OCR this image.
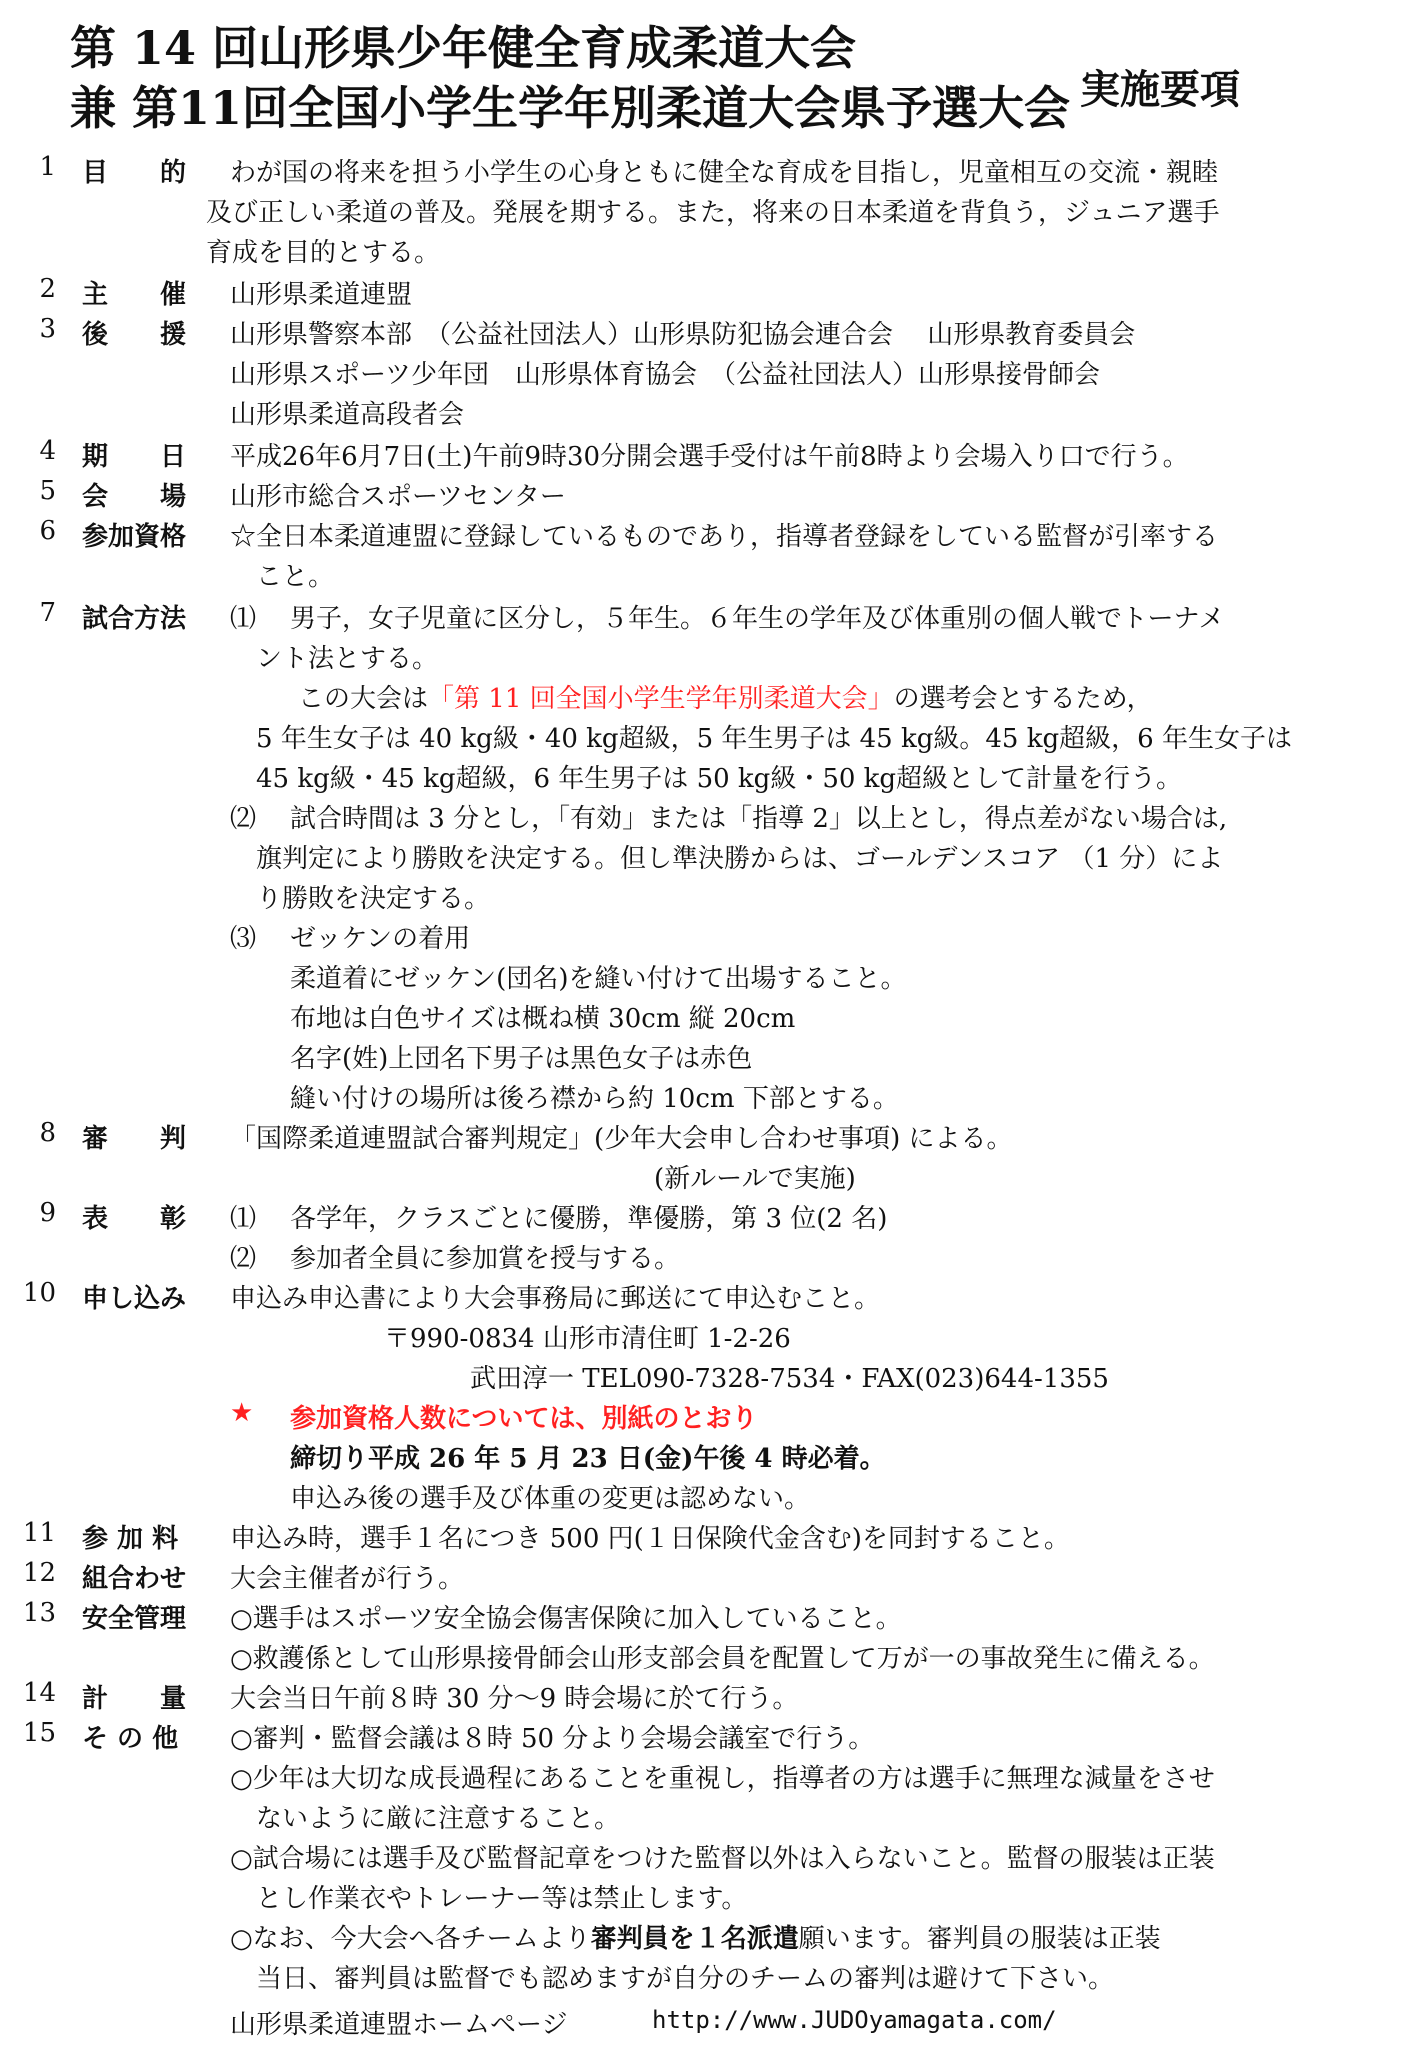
第 14 回山形県少年健全育成柔道大会
兼 第11回全国小学生学年別柔道大会県予選大会 実施要項
1 目　　的	わが国の将来を担う小学生の心身ともに健全な育成を目指し，児童相互の交流・親睦
及び正しい柔道の普及。発展を期する。また，将来の日本柔道を背負う，ジュニア選手
育成を目的とする。
2 主　　催	山形県柔道連盟
3 後　　援	山形県警察本部　（公益社団法人）山形県防犯協会連合会　 山形県教育委員会
山形県スポーツ少年団　山形県体育協会　（公益社団法人）山形県接骨師会
山形県柔道高段者会
4 期　　日	平成26年6月7日(土)午前9時30分開会選手受付は午前8時より会場入り口で行う。
5 会　　場	山形市総合スポーツセンター
6 参加資格	☆全日本柔道連盟に登録しているものであり，指導者登録をしている監督が引率する
こと。
7 試合方法	⑴ 男子，女子児童に区分し，５年生。６年生の学年及び体重別の個人戦でトーナメ
ント法とする。
この大会は「第 11 回全国小学生学年別柔道大会」の選考会とするため，
5 年生女子は 40 kg級・40 kg超級，5 年生男子は 45 kg級。45 kg超級，6 年生女子は
45 kg級・45 kg超級，6 年生男子は 50 kg級・50 kg超級として計量を行う。
⑵ 試合時間は 3 分とし，「有効」または「指導 2」以上とし，得点差がない場合は,
旗判定により勝敗を決定する。但し準決勝からは、ゴールデンスコア （1 分）によ
り勝敗を決定する。
⑶ ゼッケンの着用
柔道着にゼッケン(団名)を縫い付けて出場すること。
布地は白色サイズは概ね横 30cm 縦 20cm
名字(姓)上団名下男子は黒色女子は赤色
縫い付けの場所は後ろ襟から約 10cm 下部とする。
8 審　　判	「国際柔道連盟試合審判規定」(少年大会申し合わせ事項) による。
(新ルールで実施)
9 表　　彰	⑴ 各学年，クラスごとに優勝，準優勝，第 3 位(2 名)
⑵ 参加者全員に参加賞を授与する。
10 申し込み	申込み申込書により大会事務局に郵送にて申込むこと。
〒990-0834 山形市清住町 1-2-26
武田淳一 TEL090-7328-7534・FAX(023)644-1355
★ 参加資格人数については、別紙のとおり
締切り平成 26 年 5 月 23 日(金)午後 4 時必着。
申込み後の選手及び体重の変更は認めない。
11 参 加 料	申込み時，選手１名につき 500 円(１日保険代金含む)を同封すること。
12 組合わせ	大会主催者が行う。
13 安全管理	○選手はスポーツ安全協会傷害保険に加入していること。
○救護係として山形県接骨師会山形支部会員を配置して万が一の事故発生に備える。
14 計　　量	大会当日午前８時 30 分～9 時会場に於て行う。
15 そ の 他	○審判・監督会議は８時 50 分より会場会議室で行う。
○少年は大切な成長過程にあることを重視し，指導者の方は選手に無理な減量をさせ
ないように厳に注意すること。
○試合場には選手及び監督記章をつけた監督以外は入らないこと。監督の服装は正装
とし作業衣やトレーナー等は禁止します。
○なお、今大会へ各チームより審判員を１名派遣願います。審判員の服装は正装
当日、審判員は監督でも認めますが自分のチームの審判は避けて下さい。
山形県柔道連盟ホームページ	http://www.JUDOyamagata.com/
